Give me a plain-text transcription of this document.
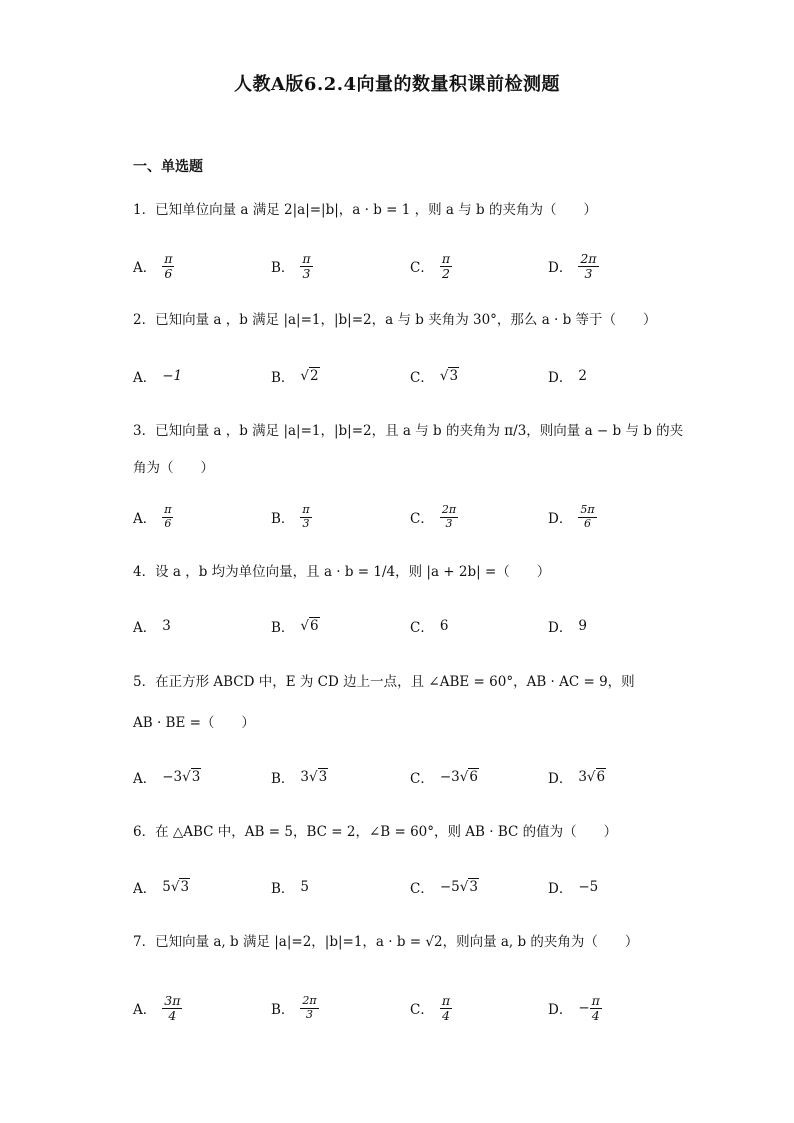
人教A版6.2.4向量的数量积课前检测题
一、单选题
1．已知单位向量 a 满足 2|a|=|b|，a · b = 1 ，则 a 与 b 的夹角为（　　）
A． $\frac{\pi}{6}$	B． $\frac{\pi}{3}$	C． $\frac{\pi}{2}$	D． $\frac{2\pi}{3}$
2．已知向量 a ，b 满足 |a|=1，|b|=2，a 与 b 夹角为 30°，那么 a · b 等于（　　）
A． −1	B． √2	C． √3	D． 2
3．已知向量 a ，b 满足 |a|=1，|b|=2，且 a 与 b 的夹角为 π/3，则向量 a − b 与 b 的夹
角为（　　）
A． $\frac{\pi}{6}$	B． $\frac{\pi}{3}$	C． $\frac{2\pi}{3}$	D． $\frac{5\pi}{6}$
4．设 a ，b 均为单位向量，且 a · b = 1/4，则 |a + 2b| =（　　）
A． 3	B． √6	C． 6	D． 9
5．在正方形 ABCD 中，E 为 CD 边上一点，且 ∠ABE = 60°，AB · AC = 9，则
AB · BE =（　　）
A． −3 √3	B． 3 √3	C． −3 √6	D． 3 √6
6．在 △ABC 中，AB = 5，BC = 2，∠B = 60°，则 AB · BC 的值为（　　）
A． 5 √3	B． 5	C． −5 √3	D． −5
7．已知向量 a, b 满足 |a|=2，|b|=1，a · b = √2，则向量 a, b 的夹角为（　　）
A． $\frac{3\pi}{4}$	B． $\frac{2\pi}{3}$	C． $\frac{\pi}{4}$	D． − $\frac{\pi}{4}$
